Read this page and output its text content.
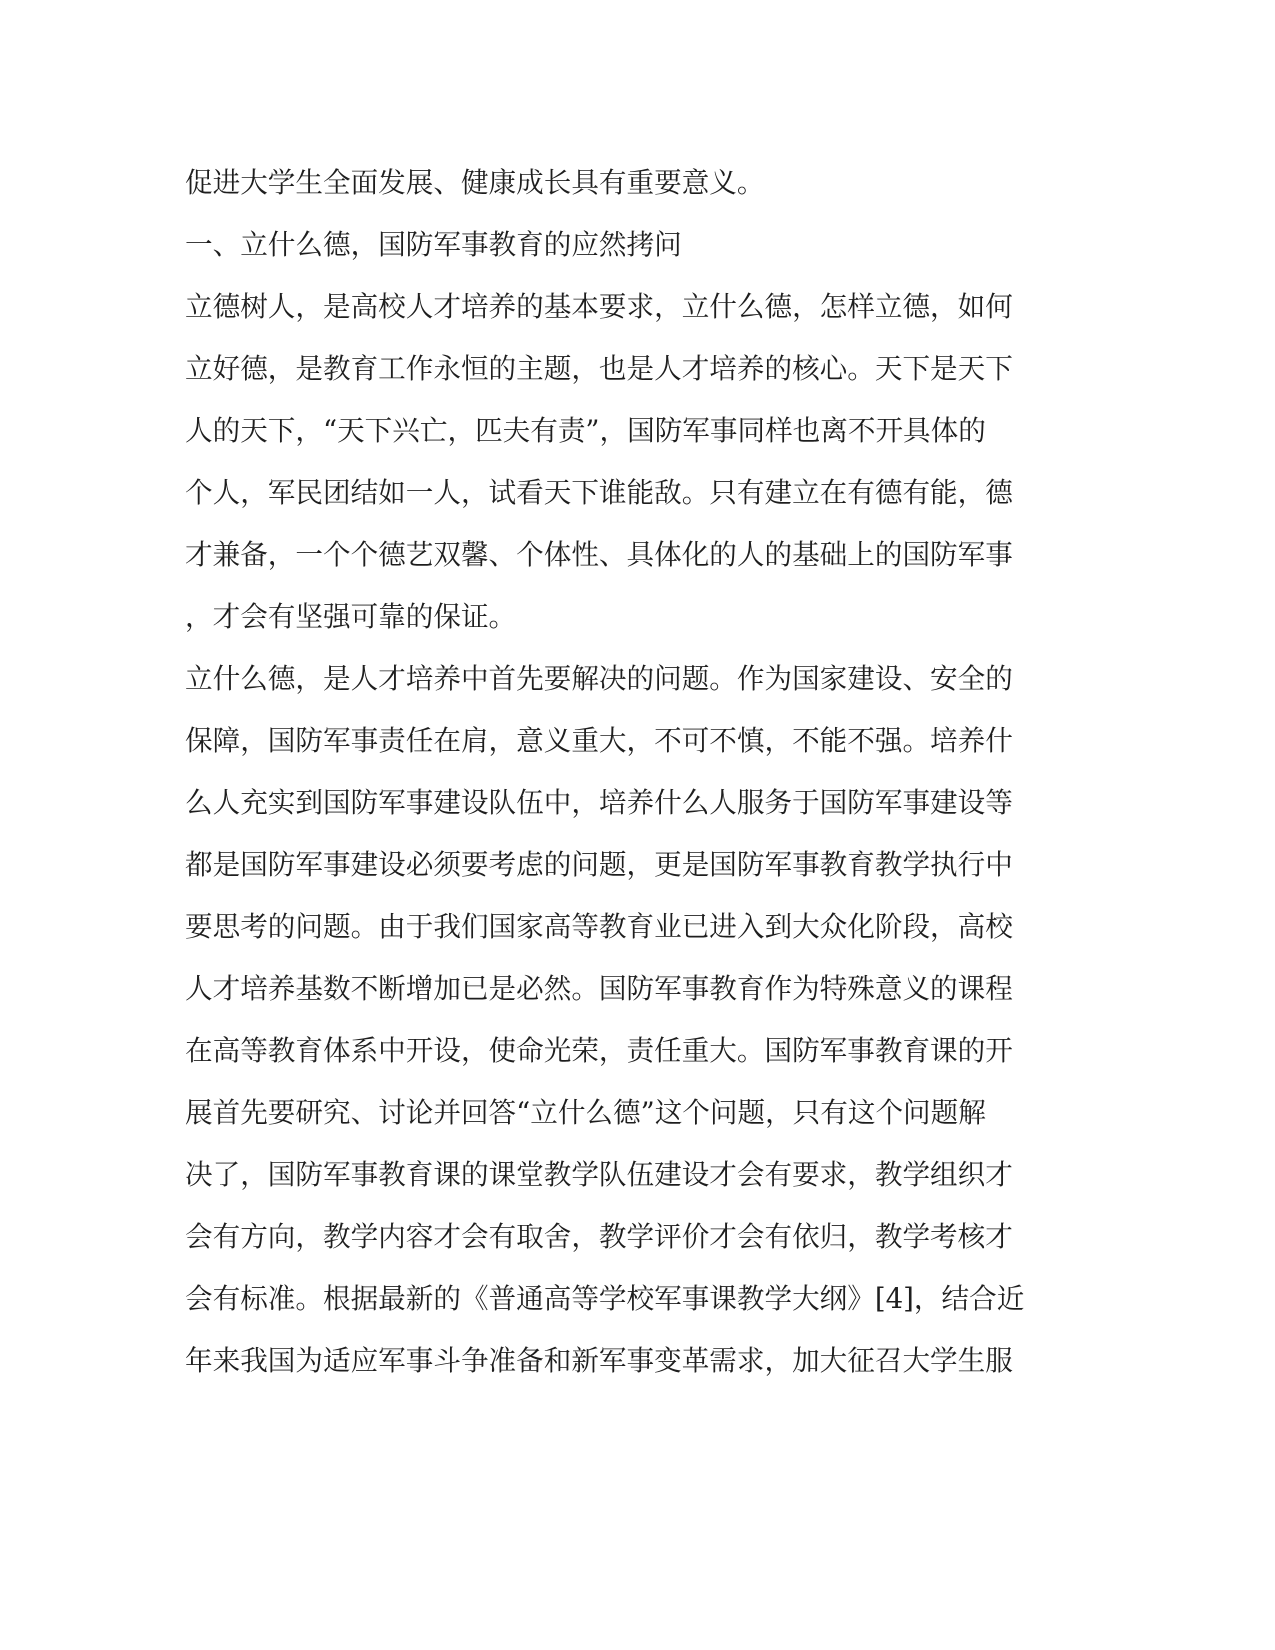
促进大学生全面发展、健康成长具有重要意义。
一、立什么德，国防军事教育的应然拷问
立德树人，是高校人才培养的基本要求，立什么德，怎样立德，如何
立好德，是教育工作永恒的主题，也是人才培养的核心。天下是天下
人的天下，“天下兴亡，匹夫有责”，国防军事同样也离不开具体的
个人，军民团结如一人，试看天下谁能敌。只有建立在有德有能，德
才兼备，一个个德艺双馨、个体性、具体化的人的基础上的国防军事
，才会有坚强可靠的保证。
立什么德，是人才培养中首先要解决的问题。作为国家建设、安全的
保障，国防军事责任在肩，意义重大，不可不慎，不能不强。培养什
么人充实到国防军事建设队伍中，培养什么人服务于国防军事建设等
都是国防军事建设必须要考虑的问题，更是国防军事教育教学执行中
要思考的问题。由于我们国家高等教育业已进入到大众化阶段，高校
人才培养基数不断增加已是必然。国防军事教育作为特殊意义的课程
在高等教育体系中开设，使命光荣，责任重大。国防军事教育课的开
展首先要研究、讨论并回答“立什么德”这个问题，只有这个问题解
决了，国防军事教育课的课堂教学队伍建设才会有要求，教学组织才
会有方向，教学内容才会有取舍，教学评价才会有依归，教学考核才
会有标准。根据最新的《普通高等学校军事课教学大纲》[4]，结合近
年来我国为适应军事斗争准备和新军事变革需求，加大征召大学生服
